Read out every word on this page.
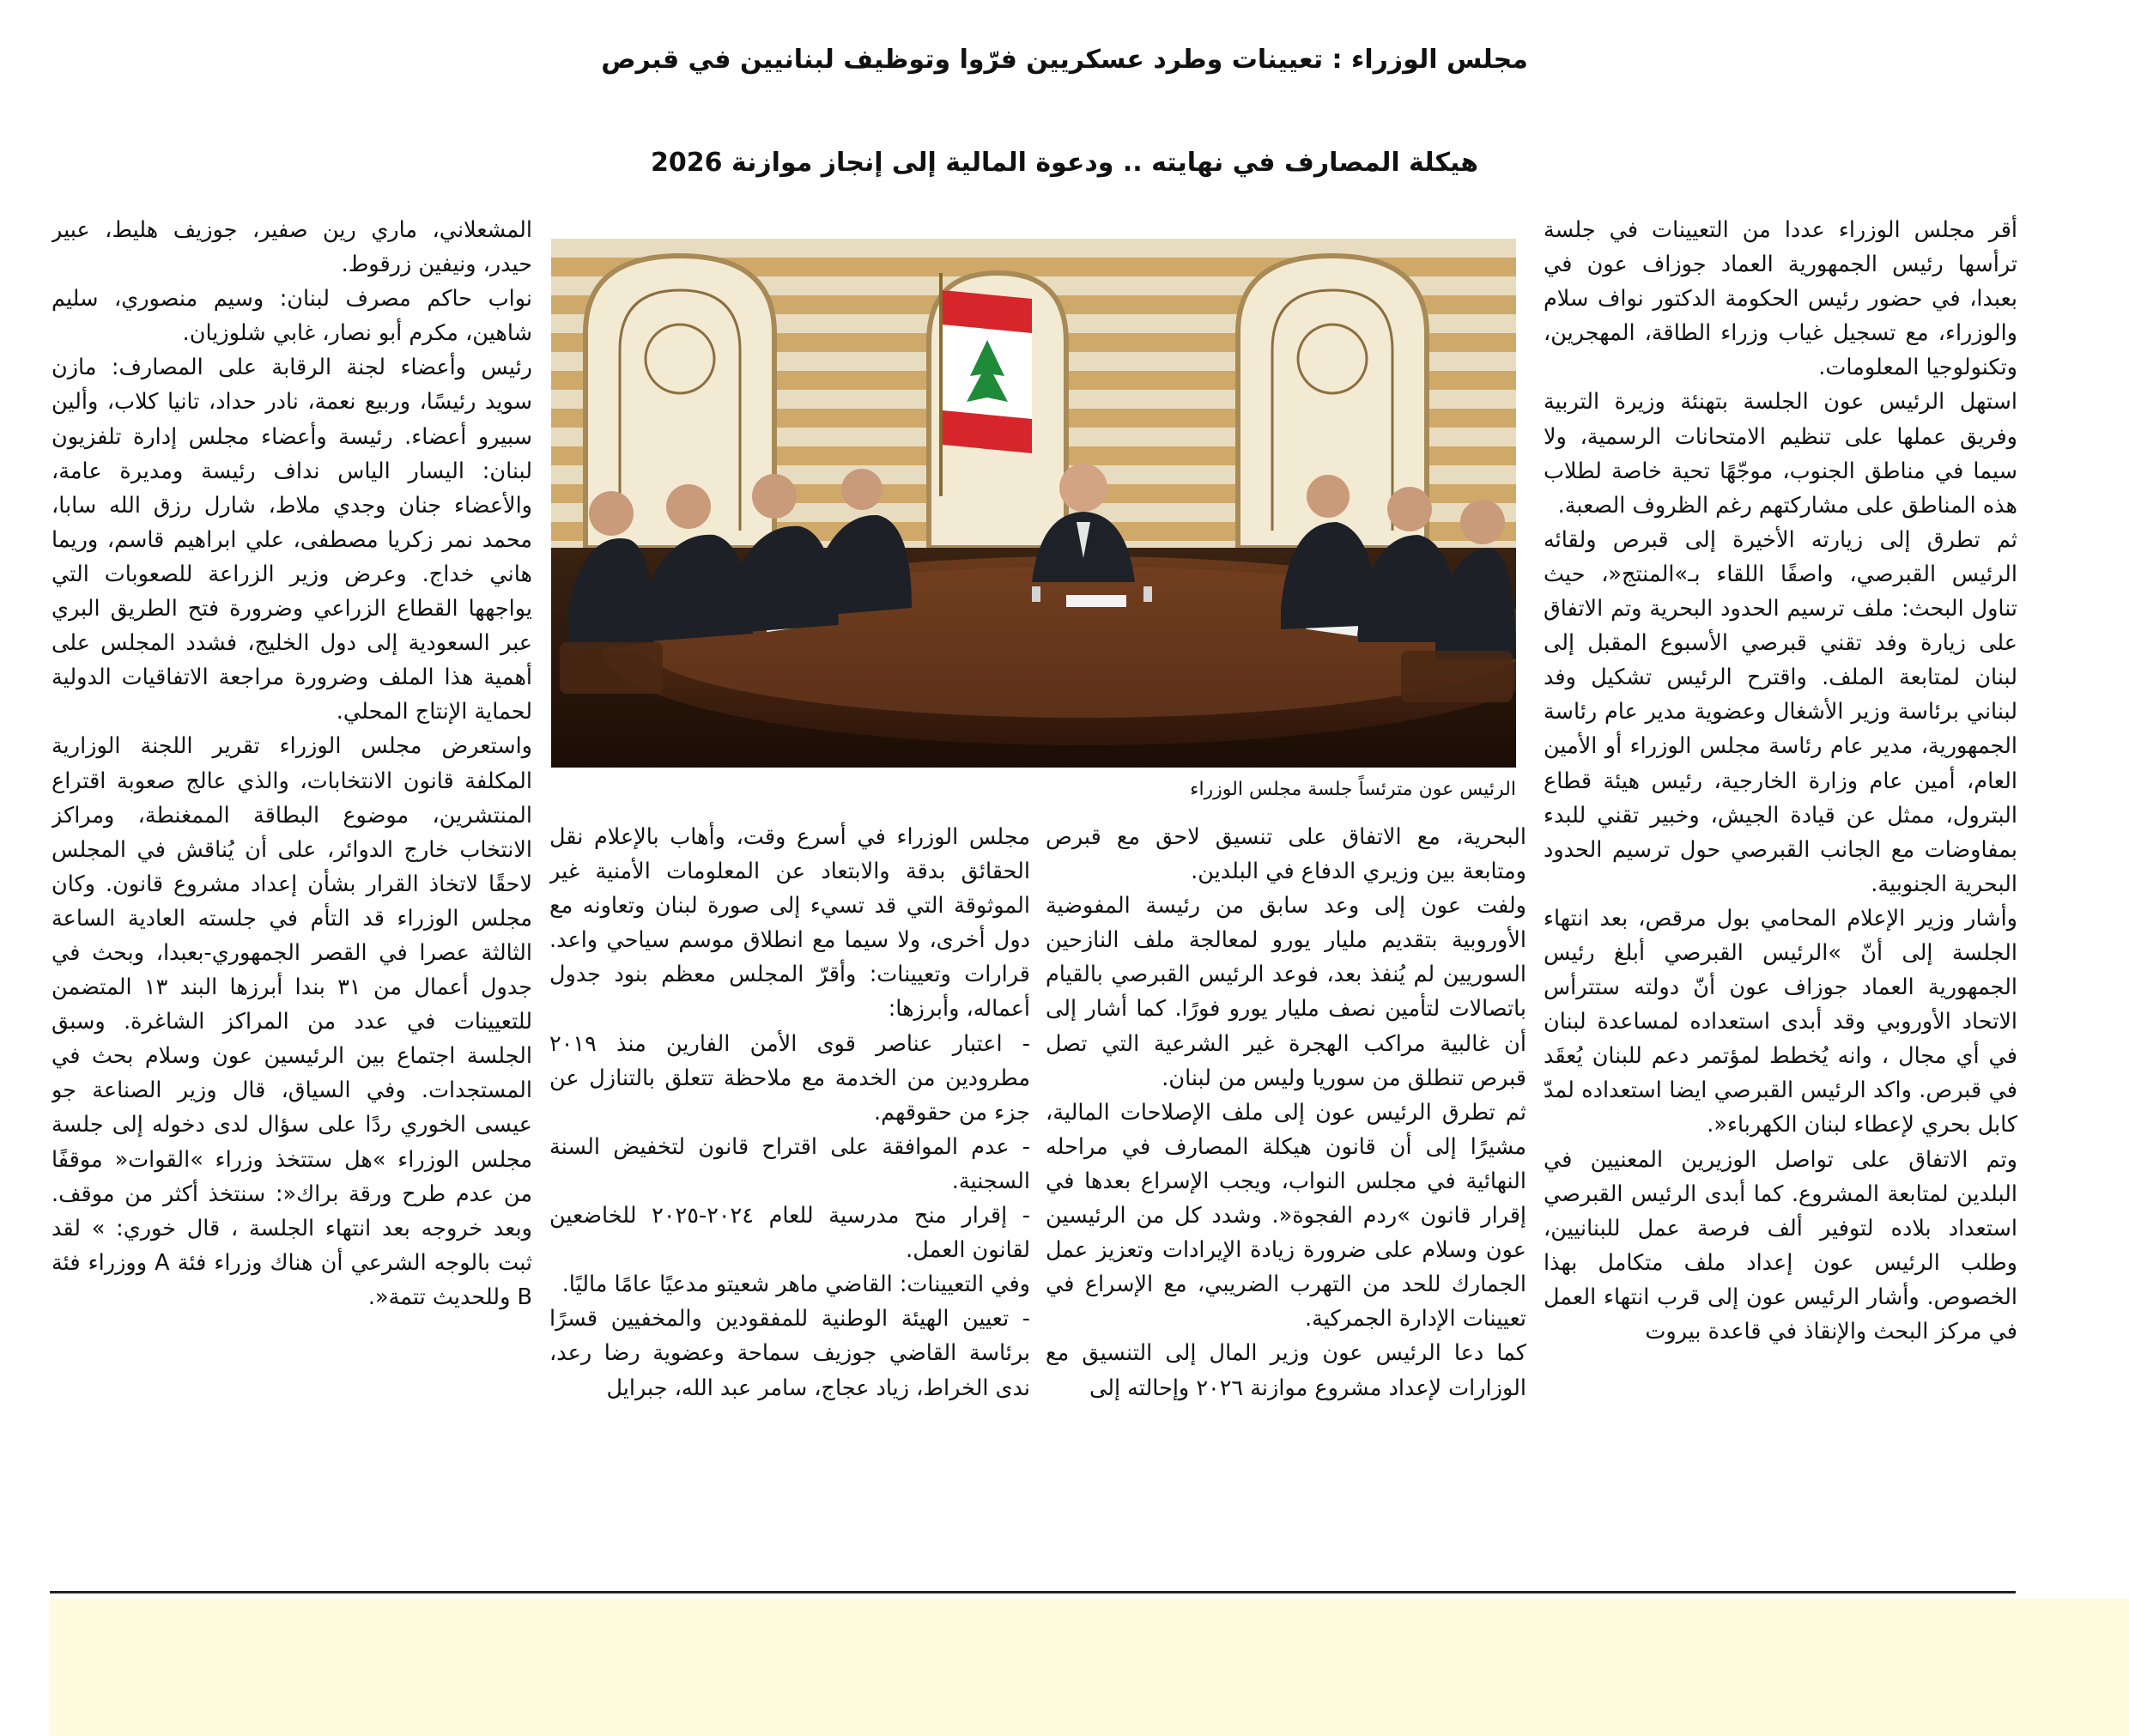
مجلس الوزراء : تعيينات وطرد عسكريين فرّوا وتوظيف لبنانيين في قبرص
هيكلة المصارف في نهايته .. ودعوة المالية إلى إنجاز موازنة 2026
الرئيس عون مترئساً جلسة مجلس الوزراء

أقر مجلس الوزراء عددا من التعيينات في جلسة ترأسها رئيس الجمهورية العماد جوزاف عون في بعبدا، في حضور رئيس الحكومة الدكتور نواف سلام والوزراء، مع تسجيل غياب وزراء الطاقة، المهجرين، وتكنولوجيا المعلومات.

استهل الرئيس عون الجلسة بتهنئة وزيرة التربية وفريق عملها على تنظيم الامتحانات الرسمية، ولا سيما في مناطق الجنوب، موجّهًا تحية خاصة لطلاب هذه المناطق على مشاركتهم رغم الظروف الصعبة.

ثم تطرق إلى زيارته الأخيرة إلى قبرص ولقائه الرئيس القبرصي، واصفًا اللقاء بـ»المنتج«، حيث تناول البحث: ملف ترسيم الحدود البحرية وتم الاتفاق على زيارة وفد تقني قبرصي الأسبوع المقبل إلى لبنان لمتابعة الملف. واقترح الرئيس تشكيل وفد لبناني برئاسة وزير الأشغال وعضوية مدير عام رئاسة الجمهورية، مدير عام رئاسة مجلس الوزراء أو الأمين العام، أمين عام وزارة الخارجية، رئيس هيئة قطاع البترول، ممثل عن قيادة الجيش، وخبير تقني للبدء بمفاوضات مع الجانب القبرصي حول ترسيم الحدود البحرية الجنوبية.

وأشار وزير الإعلام المحامي بول مرقص، بعد انتهاء الجلسة إلى أنّ »الرئيس القبرصي أبلغ رئيس الجمهورية العماد جوزاف عون أنّ دولته ستترأس الاتحاد الأوروبي وقد أبدى استعداده لمساعدة لبنان في أي مجال ، وانه يُخطط لمؤتمر دعم للبنان يُعقَد في قبرص. واكد الرئيس القبرصي ايضا استعداده لمدّ كابل بحري لإعطاء لبنان الكهرباء«.

وتم الاتفاق على تواصل الوزيرين المعنيين في البلدين لمتابعة المشروع. كما أبدى الرئيس القبرصي استعداد بلاده لتوفير ألف فرصة عمل للبنانيين، وطلب الرئيس عون إعداد ملف متكامل بهذا الخصوص. وأشار الرئيس عون إلى قرب انتهاء العمل في مركز البحث والإنقاذ في قاعدة بيروت

البحرية، مع الاتفاق على تنسيق لاحق مع قبرص ومتابعة بين وزيري الدفاع في البلدين.

ولفت عون إلى وعد سابق من رئيسة المفوضية الأوروبية بتقديم مليار يورو لمعالجة ملف النازحين السوريين لم يُنفذ بعد، فوعد الرئيس القبرصي بالقيام باتصالات لتأمين نصف مليار يورو فورًا. كما أشار إلى أن غالبية مراكب الهجرة غير الشرعية التي تصل قبرص تنطلق من سوريا وليس من لبنان.

ثم تطرق الرئيس عون إلى ملف الإصلاحات المالية، مشيرًا إلى أن قانون هيكلة المصارف في مراحله النهائية في مجلس النواب، ويجب الإسراع بعدها في إقرار قانون »ردم الفجوة«. وشدد كل من الرئيسين عون وسلام على ضرورة زيادة الإيرادات وتعزيز عمل الجمارك للحد من التهرب الضريبي، مع الإسراع في تعيينات الإدارة الجمركية.

كما دعا الرئيس عون وزير المال إلى التنسيق مع الوزارات لإعداد مشروع موازنة ٢٠٢٦ وإحالته إلى

مجلس الوزراء في أسرع وقت، وأهاب بالإعلام نقل الحقائق بدقة والابتعاد عن المعلومات الأمنية غير الموثوقة التي قد تسيء إلى صورة لبنان وتعاونه مع دول أخرى، ولا سيما مع انطلاق موسم سياحي واعد. قرارات وتعيينات: وأقرّ المجلس معظم بنود جدول أعماله، وأبرزها:

- اعتبار عناصر قوى الأمن الفارين منذ ٢٠١٩ مطرودين من الخدمة مع ملاحظة تتعلق بالتنازل عن جزء من حقوقهم.

- عدم الموافقة على اقتراح قانون لتخفيض السنة السجنية.

- إقرار منح مدرسية للعام ٢٠٢٤-٢٠٢٥ للخاضعين لقانون العمل.

وفي التعيينات: القاضي ماهر شعيتو مدعيًا عامًا ماليًا.

- تعيين الهيئة الوطنية للمفقودين والمخفيين قسرًا برئاسة القاضي جوزيف سماحة وعضوية رضا رعد، ندى الخراط، زياد عجاج، سامر عبد الله، جبرايل

المشعلاني، ماري رين صفير، جوزيف هليط، عبير حيدر، ونيفين زرقوط.

نواب حاكم مصرف لبنان: وسيم منصوري، سليم شاهين، مكرم أبو نصار، غابي شلوزيان.

رئيس وأعضاء لجنة الرقابة على المصارف: مازن سويد رئيسًا، وربيع نعمة، نادر حداد، تانيا كلاب، وألين سبيرو أعضاء. رئيسة وأعضاء مجلس إدارة تلفزيون لبنان: اليسار الياس نداف رئيسة ومديرة عامة، والأعضاء جنان وجدي ملاط، شارل رزق الله سابا، محمد نمر زكريا مصطفى، علي ابراهيم قاسم، وريما هاني خداج. وعرض وزير الزراعة للصعوبات التي يواجهها القطاع الزراعي وضرورة فتح الطريق البري عبر السعودية إلى دول الخليج، فشدد المجلس على أهمية هذا الملف وضرورة مراجعة الاتفاقيات الدولية لحماية الإنتاج المحلي.

واستعرض مجلس الوزراء تقرير اللجنة الوزارية المكلفة قانون الانتخابات، والذي عالج صعوبة اقتراع المنتشرين، موضوع البطاقة الممغنطة، ومراكز الانتخاب خارج الدوائر، على أن يُناقش في المجلس لاحقًا لاتخاذ القرار بشأن إعداد مشروع قانون. وكان مجلس الوزراء قد التأم في جلسته العادية الساعة الثالثة عصرا في القصر الجمهوري-بعبدا، وبحث في جدول أعمال من ٣١ بندا أبرزها البند ١٣ المتضمن للتعيينات في عدد من المراكز الشاغرة. وسبق الجلسة اجتماع بين الرئيسين عون وسلام بحث في المستجدات. وفي السياق، قال وزير الصناعة جو عيسى الخوري ردًا على سؤال لدى دخوله إلى جلسة مجلس الوزراء »هل ستتخذ وزراء »القوات« موقفًا من عدم طرح ورقة براك«: سنتخذ أكثر من موقف. وبعد خروجه بعد انتهاء الجلسة ، قال خوري: » لقد ثبت بالوجه الشرعي أن هناك وزراء فئة A ووزراء فئة B وللحديث تتمة«.
